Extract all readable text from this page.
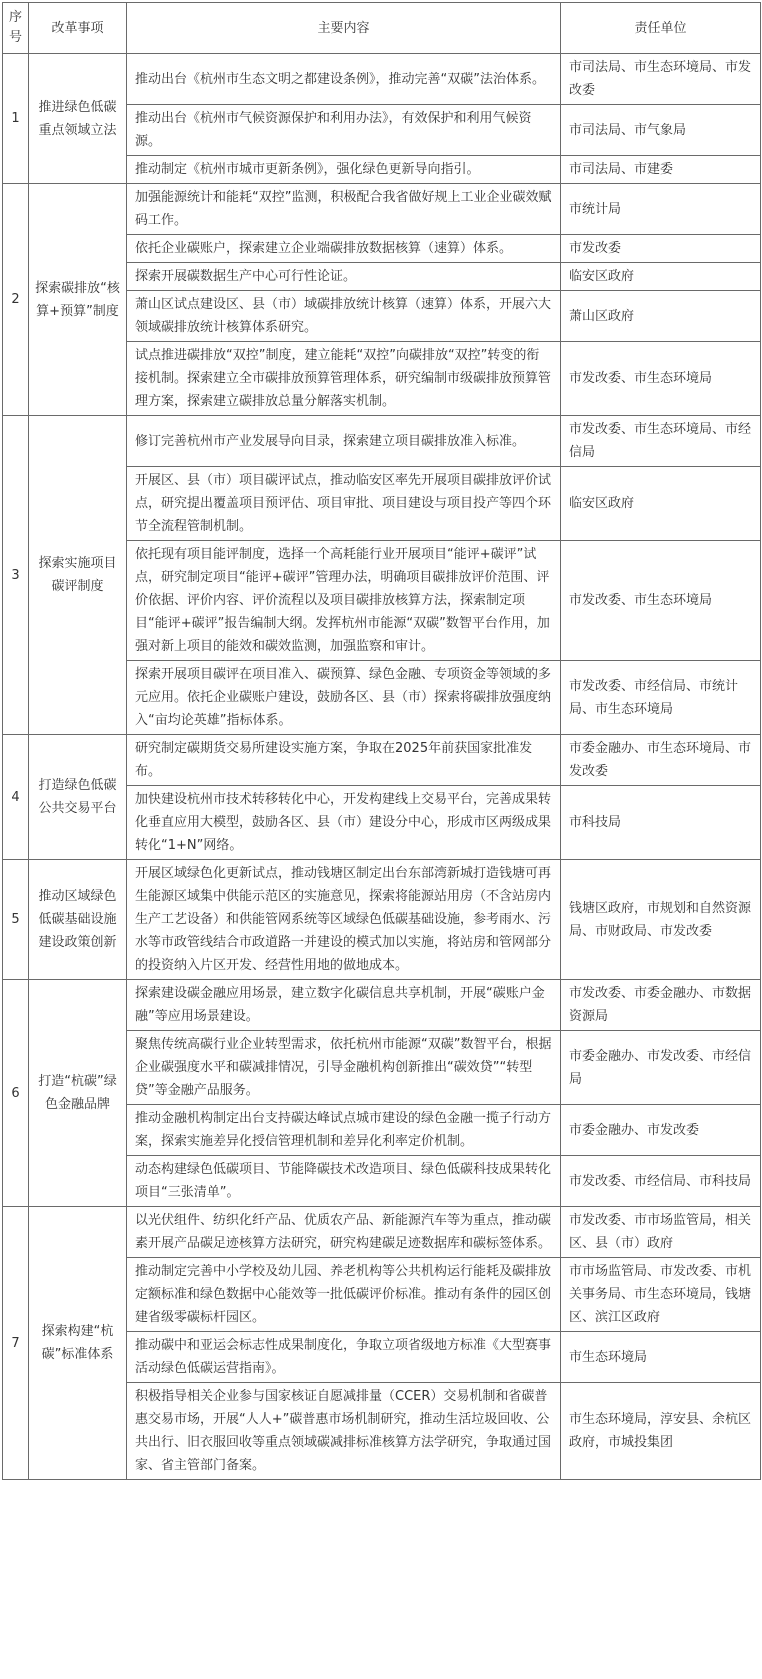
序号	改革事项	主要内容	责任单位
1	推进绿色低碳重点领域立法	推动出台《杭州市生态文明之都建设条例》，推动完善“双碳”法治体系。	市司法局、市生态环境局、市发改委
		推动出台《杭州市气候资源保护和利用办法》，有效保护和利用气候资源。	市司法局、市气象局
		推动制定《杭州市城市更新条例》，强化绿色更新导向指引。	市司法局、市建委
2	探索碳排放“核算+预算”制度	加强能源统计和能耗“双控”监测，积极配合我省做好规上工业企业碳效赋码工作。	市统计局
		依托企业碳账户，探索建立企业端碳排放数据核算（速算）体系。	市发改委
		探索开展碳数据生产中心可行性论证。	临安区政府
		萧山区试点建设区、县（市）域碳排放统计核算（速算）体系，开展六大领域碳排放统计核算体系研究。	萧山区政府
		试点推进碳排放“双控”制度，建立能耗“双控”向碳排放“双控”转变的衔接机制。探索建立全市碳排放预算管理体系，研究编制市级碳排放预算管理方案，探索建立碳排放总量分解落实机制。	市发改委、市生态环境局
3	探索实施项目碳评制度	修订完善杭州市产业发展导向目录，探索建立项目碳排放准入标准。	市发改委、市生态环境局、市经信局
		开展区、县（市）项目碳评试点，推动临安区率先开展项目碳排放评价试点，研究提出覆盖项目预评估、项目审批、项目建设与项目投产等四个环节全流程管制机制。	临安区政府
		依托现有项目能评制度，选择一个高耗能行业开展项目“能评+碳评”试点，研究制定项目“能评+碳评”管理办法，明确项目碳排放评价范围、评价依据、评价内容、评价流程以及项目碳排放核算方法，探索制定项目“能评+碳评”报告编制大纲。发挥杭州市能源“双碳”数智平台作用，加强对新上项目的能效和碳效监测，加强监察和审计。	市发改委、市生态环境局
		探索开展项目碳评在项目准入、碳预算、绿色金融、专项资金等领域的多元应用。依托企业碳账户建设，鼓励各区、县（市）探索将碳排放强度纳入“亩均论英雄”指标体系。	市发改委、市经信局、市统计局、市生态环境局
4	打造绿色低碳公共交易平台	研究制定碳期货交易所建设实施方案，争取在2025年前获国家批准发布。	市委金融办、市生态环境局、市发改委
		加快建设杭州市技术转移转化中心，开发构建线上交易平台，完善成果转化垂直应用大模型，鼓励各区、县（市）建设分中心，形成市区两级成果转化“1+N”网络。	市科技局
5	推动区域绿色低碳基础设施建设政策创新	开展区域绿色化更新试点，推动钱塘区制定出台东部湾新城打造钱塘可再生能源区域集中供能示范区的实施意见，探索将能源站用房（不含站房内生产工艺设备）和供能管网系统等区域绿色低碳基础设施，参考雨水、污水等市政管线结合市政道路一并建设的模式加以实施，将站房和管网部分的投资纳入片区开发、经营性用地的做地成本。	钱塘区政府，市规划和自然资源局、市财政局、市发改委
6	打造“杭碳”绿色金融品牌	探索建设碳金融应用场景，建立数字化碳信息共享机制，开展“碳账户金融”等应用场景建设。	市发改委、市委金融办、市数据资源局
		聚焦传统高碳行业企业转型需求，依托杭州市能源“双碳”数智平台，根据企业碳强度水平和碳减排情况，引导金融机构创新推出“碳效贷”“转型贷”等金融产品服务。	市委金融办、市发改委、市经信局
		推动金融机构制定出台支持碳达峰试点城市建设的绿色金融一揽子行动方案，探索实施差异化授信管理机制和差异化利率定价机制。	市委金融办、市发改委
		动态构建绿色低碳项目、节能降碳技术改造项目、绿色低碳科技成果转化项目“三张清单”。	市发改委、市经信局、市科技局
7	探索构建“杭碳”标准体系	以光伏组件、纺织化纤产品、优质农产品、新能源汽车等为重点，推动碳素开展产品碳足迹核算方法研究，研究构建碳足迹数据库和碳标签体系。	市发改委、市市场监管局，相关区、县（市）政府
		推动制定完善中小学校及幼儿园、养老机构等公共机构运行能耗及碳排放定额标准和绿色数据中心能效等一批低碳评价标准。推动有条件的园区创建省级零碳标杆园区。	市市场监管局、市发改委、市机关事务局、市生态环境局，钱塘区、滨江区政府
		推动碳中和亚运会标志性成果制度化，争取立项省级地方标准《大型赛事活动绿色低碳运营指南》。	市生态环境局
		积极指导相关企业参与国家核证自愿减排量（CCER）交易机制和省碳普惠交易市场，开展“人人+”碳普惠市场机制研究，推动生活垃圾回收、公共出行、旧衣服回收等重点领域碳减排标准核算方法学研究，争取通过国家、省主管部门备案。	市生态环境局，淳安县、余杭区政府，市城投集团
